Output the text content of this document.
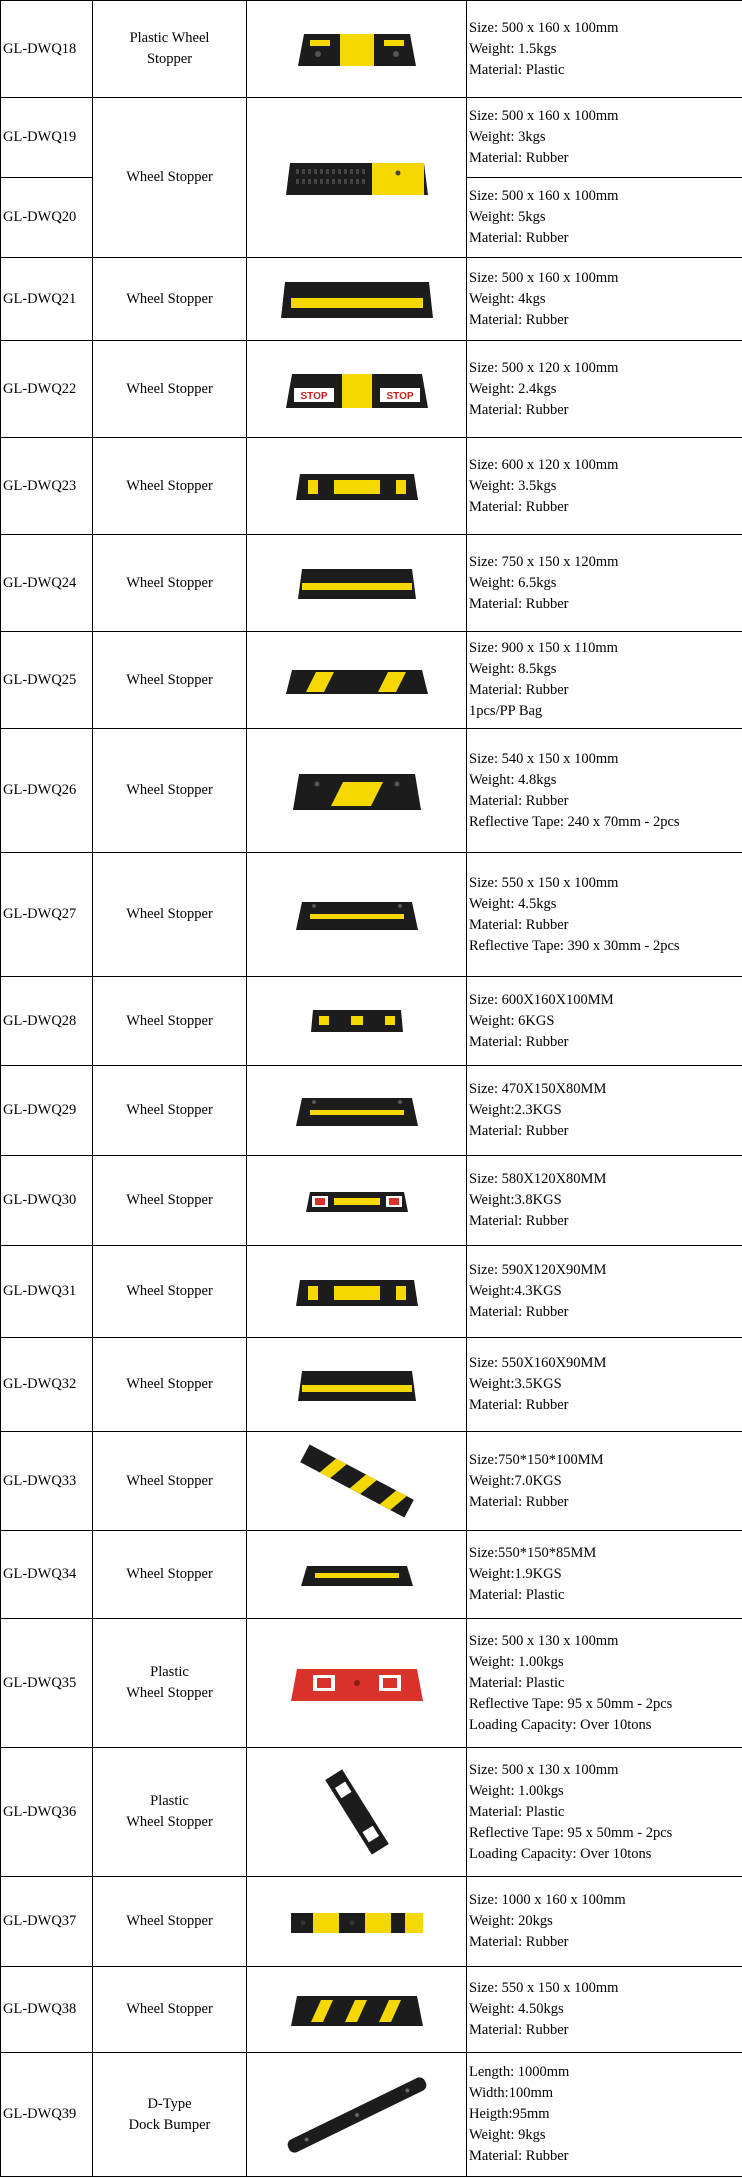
GL-DWQ18	Plastic Wheel
Stopper		Size: 500 x 160 x 100mm
Weight: 1.5kgs
Material: Plastic

GL-DWQ19	Wheel Stopper		Size: 500 x 160 x 100mm
Weight: 3kgs
Material: Rubber

GL-DWQ20			Size: 500 x 160 x 100mm
Weight: 5kgs
Material: Rubber

GL-DWQ21	Wheel Stopper		Size: 500 x 160 x 100mm
Weight: 4kgs
Material: Rubber

GL-DWQ22	Wheel Stopper	STOP STOP	Size: 500 x 120 x 100mm
Weight: 2.4kgs
Material: Rubber

GL-DWQ23	Wheel Stopper		Size: 600 x 120 x 100mm
Weight: 3.5kgs
Material: Rubber

GL-DWQ24	Wheel Stopper		Size: 750 x 150 x 120mm
Weight: 6.5kgs
Material: Rubber

GL-DWQ25	Wheel Stopper		Size: 900 x 150 x 110mm
Weight: 8.5kgs
Material: Rubber
1pcs/PP Bag

GL-DWQ26	Wheel Stopper		Size: 540 x 150 x 100mm
Weight: 4.8kgs
Material: Rubber
Reflective Tape: 240 x 70mm - 2pcs

GL-DWQ27	Wheel Stopper		Size: 550 x 150 x 100mm
Weight: 4.5kgs
Material: Rubber
Reflective Tape: 390 x 30mm - 2pcs

GL-DWQ28	Wheel Stopper		Size: 600X160X100MM
Weight: 6KGS
Material: Rubber

GL-DWQ29	Wheel Stopper		Size: 470X150X80MM
Weight:2.3KGS
Material: Rubber

GL-DWQ30	Wheel Stopper		Size: 580X120X80MM
Weight:3.8KGS
Material: Rubber

GL-DWQ31	Wheel Stopper		Size: 590X120X90MM
Weight:4.3KGS
Material: Rubber

GL-DWQ32	Wheel Stopper		Size: 550X160X90MM
Weight:3.5KGS
Material: Rubber

GL-DWQ33	Wheel Stopper		Size:750*150*100MM
Weight:7.0KGS
Material: Rubber

GL-DWQ34	Wheel Stopper		Size:550*150*85MM
Weight:1.9KGS
Material: Plastic

GL-DWQ35	Plastic
Wheel Stopper		Size: 500 x 130 x 100mm
Weight: 1.00kgs
Material: Plastic
Reflective Tape: 95 x 50mm - 2pcs
Loading Capacity: Over 10tons

GL-DWQ36	Plastic
Wheel Stopper		Size: 500 x 130 x 100mm
Weight: 1.00kgs
Material: Plastic
Reflective Tape: 95 x 50mm - 2pcs
Loading Capacity: Over 10tons

GL-DWQ37	Wheel Stopper		Size: 1000 x 160 x 100mm
Weight: 20kgs
Material: Rubber

GL-DWQ38	Wheel Stopper		Size: 550 x 150 x 100mm
Weight: 4.50kgs
Material: Rubber

GL-DWQ39	D-Type
Dock Bumper		Length: 1000mm
Width:100mm
Heigth:95mm
Weight: 9kgs
Material: Rubber
